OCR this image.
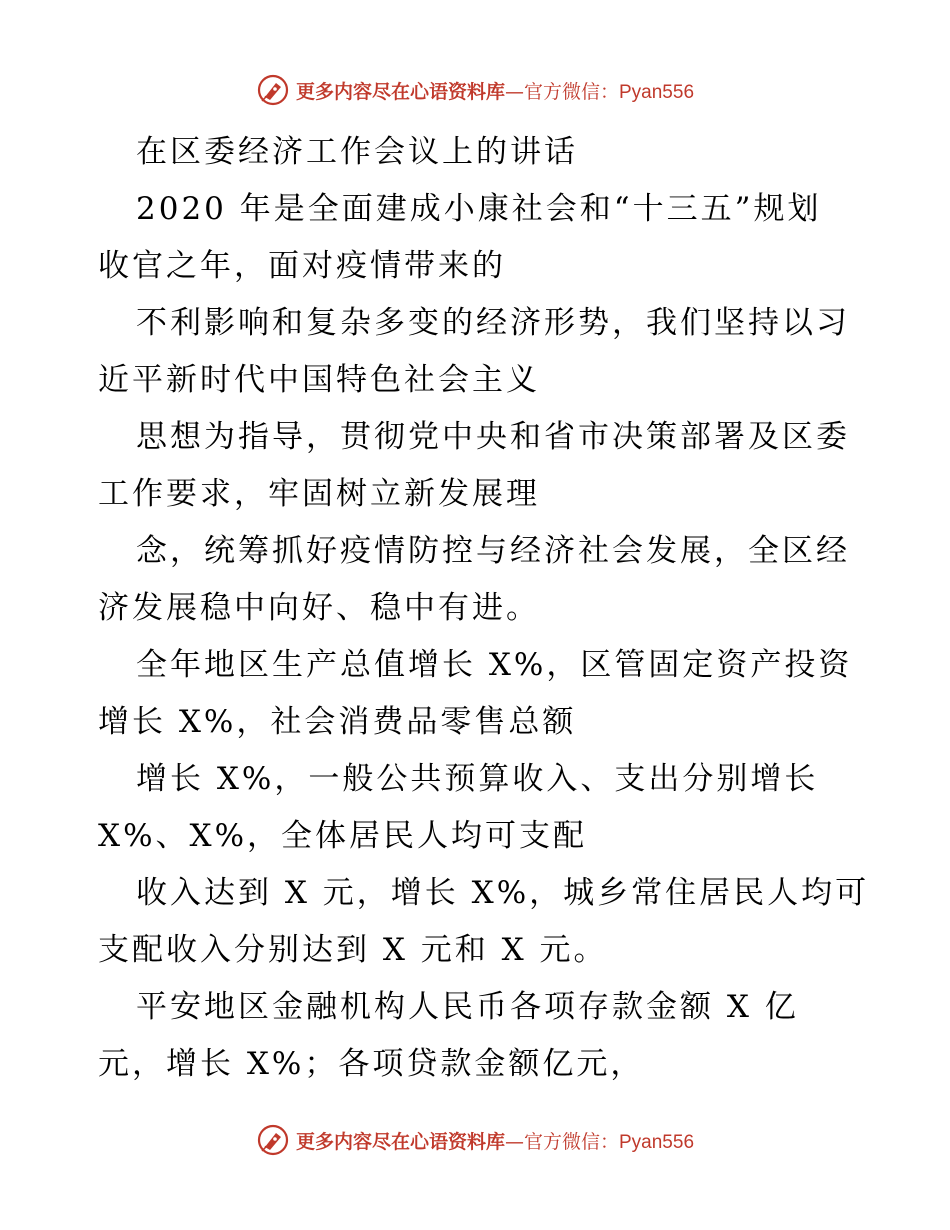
更多内容尽在心语资料库—官方微信：Pyan556
在区委经济工作会议上的讲话
2020 年是全面建成小康社会和“十三五”规划
收官之年，面对疫情带来的
不利影响和复杂多变的经济形势，我们坚持以习
近平新时代中国特色社会主义
思想为指导，贯彻党中央和省市决策部署及区委
工作要求，牢固树立新发展理
念，统筹抓好疫情防控与经济社会发展，全区经
济发展稳中向好、稳中有进。
全年地区生产总值增长 X%，区管固定资产投资
增长 X%，社会消费品零售总额
增长 X%，一般公共预算收入、支出分别增长
X%、X%，全体居民人均可支配
收入达到 X 元，增长 X%，城乡常住居民人均可
支配收入分别达到 X 元和 X 元。
平安地区金融机构人民币各项存款金额 X 亿
元，增长 X%；各项贷款金额亿元，
更多内容尽在心语资料库—官方微信：Pyan556
